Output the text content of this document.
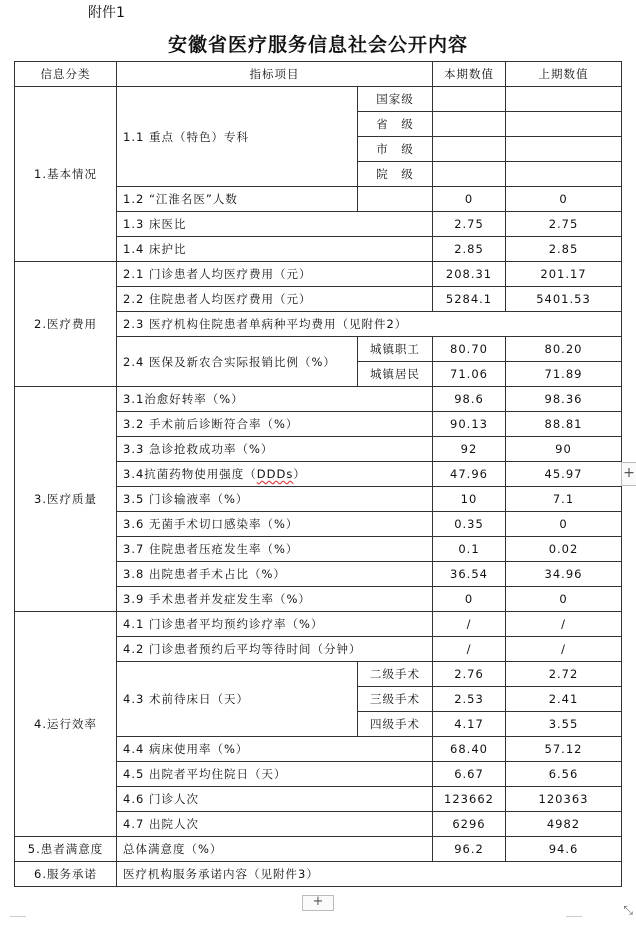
附件1
安徽省医疗服务信息社会公开内容
信息分类	指标项目		本期数值	上期数值
1.基本情况	1.1 重点（特色）专科	国家级		
		省　级		
		市　级		
		院　级		
	1.2 “江淮名医”人数		0	0
	1.3 床医比		2.75	2.75
	1.4 床护比		2.85	2.85
2.医疗费用	2.1 门诊患者人均医疗费用（元）		208.31	201.17
	2.2 住院患者人均医疗费用（元）		5284.1	5401.53
	2.3 医疗机构住院患者单病种平均费用（见附件2）			
	2.4 医保及新农合实际报销比例（%）	城镇职工	80.70	80.20
		城镇居民	71.06	71.89
3.医疗质量	3.1治愈好转率（%）		98.6	98.36
	3.2 手术前后诊断符合率（%）		90.13	88.81
	3.3 急诊抢救成功率（%）		92	90
	3.4抗菌药物使用强度（DDDs）		47.96	45.97
	3.5 门诊输液率（%）		10	7.1
	3.6 无菌手术切口感染率（%）		0.35	0
	3.7 住院患者压疮发生率（%）		0.1	0.02
	3.8 出院患者手术占比（%）		36.54	34.96
	3.9 手术患者并发症发生率（%）		0	0
4.运行效率	4.1 门诊患者平均预约诊疗率（%）		/	/
	4.2 门诊患者预约后平均等待时间（分钟）		/	/
	4.3 术前待床日（天）	二级手术	2.76	2.72
		三级手术	2.53	2.41
		四级手术	4.17	3.55
	4.4 病床使用率（%）		68.40	57.12
	4.5 出院者平均住院日（天）		6.67	6.56
	4.6 门诊人次		123662	120363
	4.7 出院人次		6296	4982
5.患者满意度	总体满意度（%）		96.2	94.6
6.服务承诺	医疗机构服务承诺内容（见附件3）			
+
+
⤡
